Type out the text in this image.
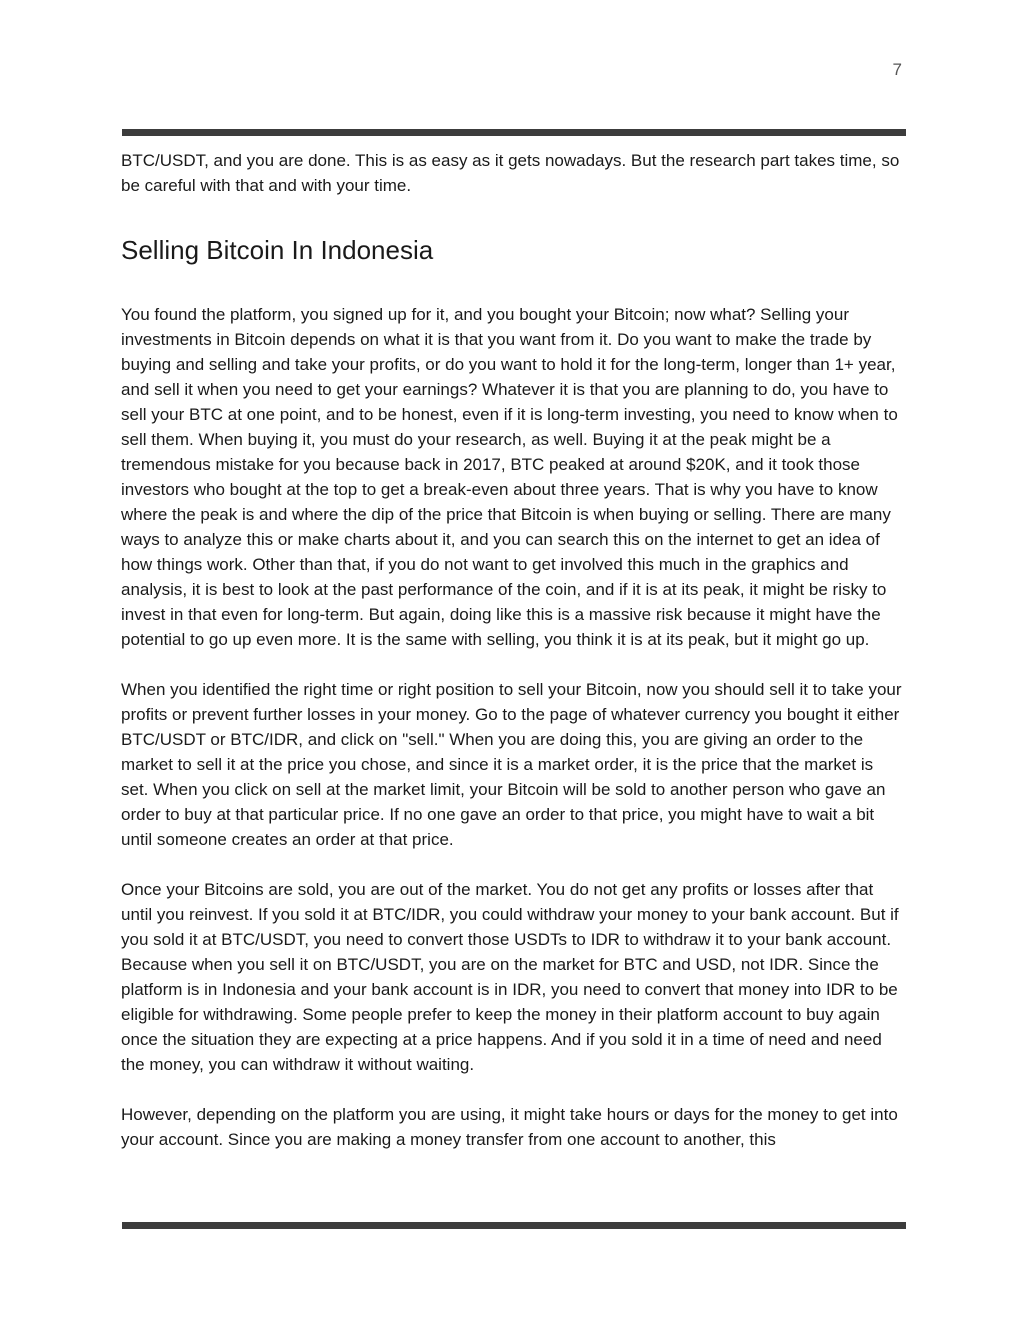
7

BTC/USDT, and you are done. This is as easy as it gets nowadays. But the research part takes time, so be careful with that and with your time.

Selling Bitcoin In Indonesia

You found the platform, you signed up for it, and you bought your Bitcoin; now what? Selling your investments in Bitcoin depends on what it is that you want from it. Do you want to make the trade by buying and selling and take your profits, or do you want to hold it for the long-term, longer than 1+ year, and sell it when you need to get your earnings? Whatever it is that you are planning to do, you have to sell your BTC at one point, and to be honest, even if it is long-term investing, you need to know when to sell them. When buying it, you must do your research, as well. Buying it at the peak might be a tremendous mistake for you because back in 2017, BTC peaked at around $20K, and it took those investors who bought at the top to get a break-even about three years. That is why you have to know where the peak is and where the dip of the price that Bitcoin is when buying or selling. There are many ways to analyze this or make charts about it, and you can search this on the internet to get an idea of how things work. Other than that, if you do not want to get involved this much in the graphics and analysis, it is best to look at the past performance of the coin, and if it is at its peak, it might be risky to invest in that even for long-term. But again, doing like this is a massive risk because it might have the potential to go up even more. It is the same with selling, you think it is at its peak, but it might go up.

When you identified the right time or right position to sell your Bitcoin, now you should sell it to take your profits or prevent further losses in your money. Go to the page of whatever currency you bought it either BTC/USDT or BTC/IDR, and click on "sell." When you are doing this, you are giving an order to the market to sell it at the price you chose, and since it is a market order, it is the price that the market is set. When you click on sell at the market limit, your Bitcoin will be sold to another person who gave an order to buy at that particular price. If no one gave an order to that price, you might have to wait a bit until someone creates an order at that price.

Once your Bitcoins are sold, you are out of the market. You do not get any profits or losses after that until you reinvest. If you sold it at BTC/IDR, you could withdraw your money to your bank account. But if you sold it at BTC/USDT, you need to convert those USDTs to IDR to withdraw it to your bank account. Because when you sell it on BTC/USDT, you are on the market for BTC and USD, not IDR. Since the platform is in Indonesia and your bank account is in IDR, you need to convert that money into IDR to be eligible for withdrawing. Some people prefer to keep the money in their platform account to buy again once the situation they are expecting at a price happens. And if you sold it in a time of need and need the money, you can withdraw it without waiting.

However, depending on the platform you are using, it might take hours or days for the money to get into your account. Since you are making a money transfer from one account to another, this
